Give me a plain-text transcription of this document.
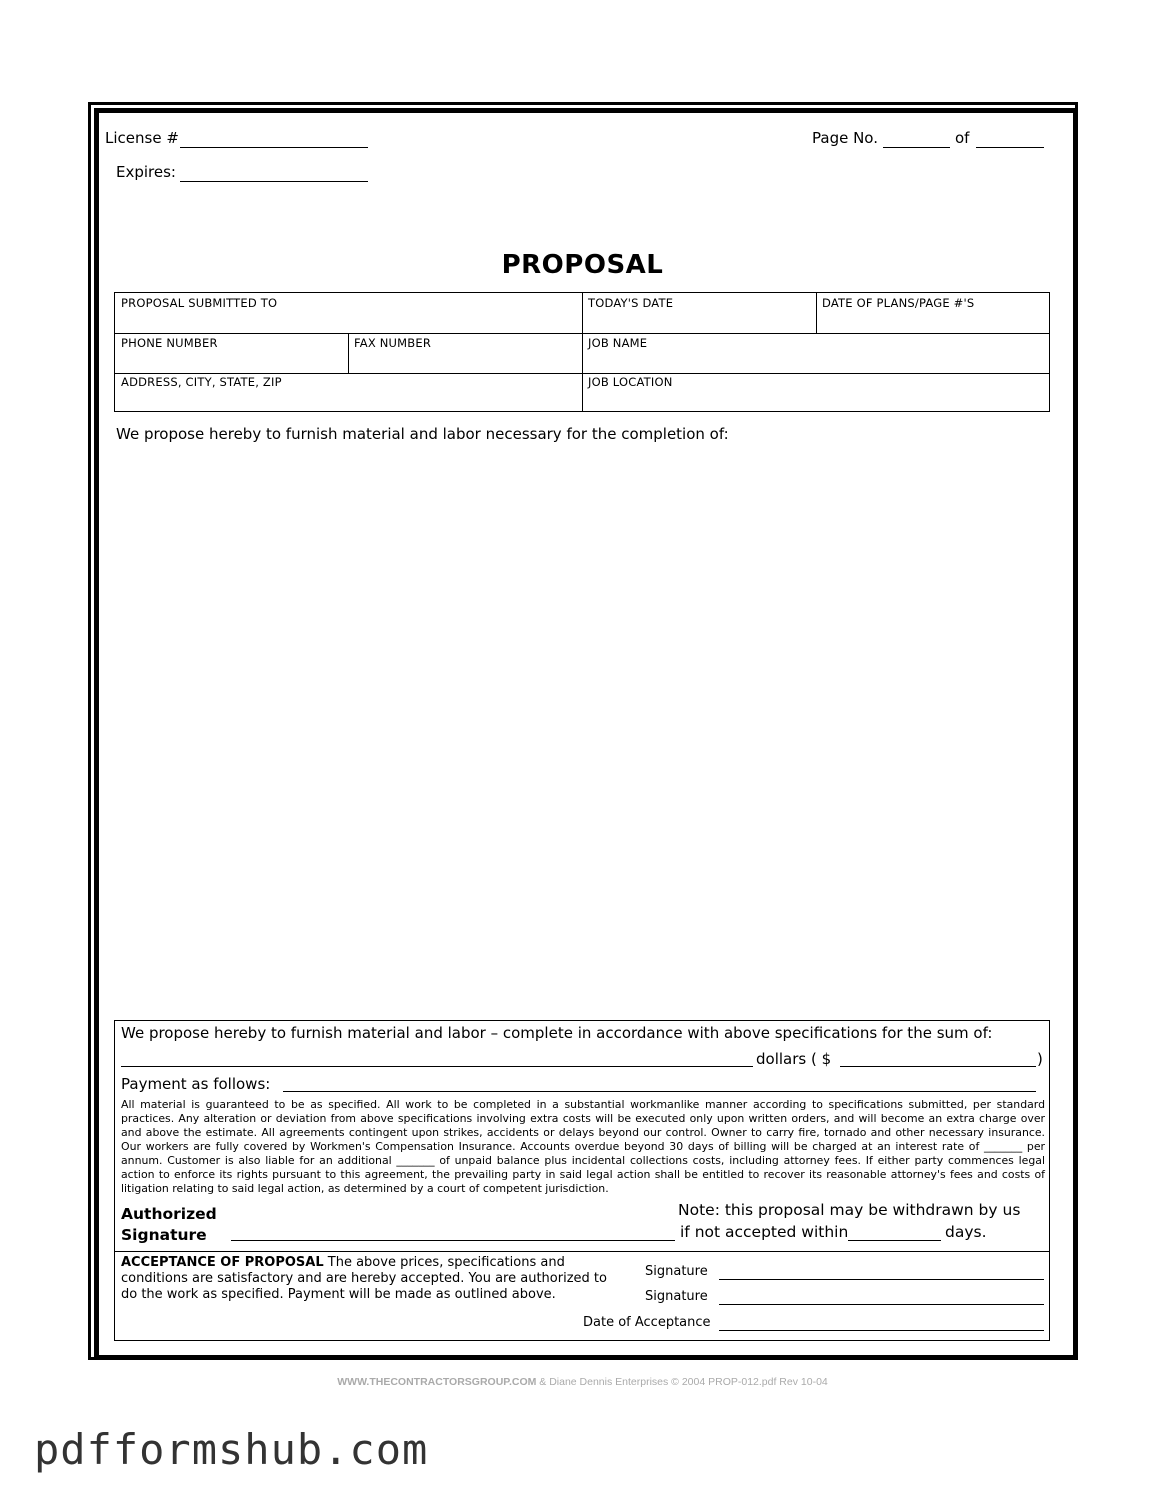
License #
Expires:
Page No.	of
PROPOSAL
PROPOSAL SUBMITTED TO	TODAY'S DATE	DATE OF PLANS/PAGE #'S
PHONE NUMBER	FAX NUMBER	JOB NAME
ADDRESS, CITY, STATE, ZIP	JOB LOCATION
We propose hereby to furnish material and labor necessary for the completion of:
We propose hereby to furnish material and labor – complete in accordance with above specifications for the sum of:
dollars ( $	)
Payment as follows:
All material is guaranteed to be as specified. All work to be completed in a substantial workmanlike manner according to specifications submitted, per standard practices. Any alteration or deviation from above specifications involving extra costs will be executed only upon written orders, and will become an extra charge over and above the estimate. All agreements contingent upon strikes, accidents or delays beyond our control. Owner to carry fire, tornado and other necessary insurance. Our workers are fully covered by Workmen's Compensation Insurance. Accounts overdue beyond 30 days of billing will be charged at an interest rate of _______ per annum. Customer is also liable for an additional _______ of unpaid balance plus incidental collections costs, including attorney fees. If either party commences legal action to enforce its rights pursuant to this agreement, the prevailing party in said legal action shall be entitled to recover its reasonable attorney's fees and costs of litigation relating to said legal action, as determined by a court of competent jurisdiction.
Authorized
Signature
Note: this proposal may be withdrawn by us
if not accepted within	days.
ACCEPTANCE OF PROPOSAL The above prices, specifications and conditions are satisfactory and are hereby accepted. You are authorized to do the work as specified. Payment will be made as outlined above.
Signature
Signature
Date of Acceptance
WWW.THECONTRACTORSGROUP.COM & Diane Dennis Enterprises © 2004 PROP-012.pdf Rev 10-04
pdfformshub.com
